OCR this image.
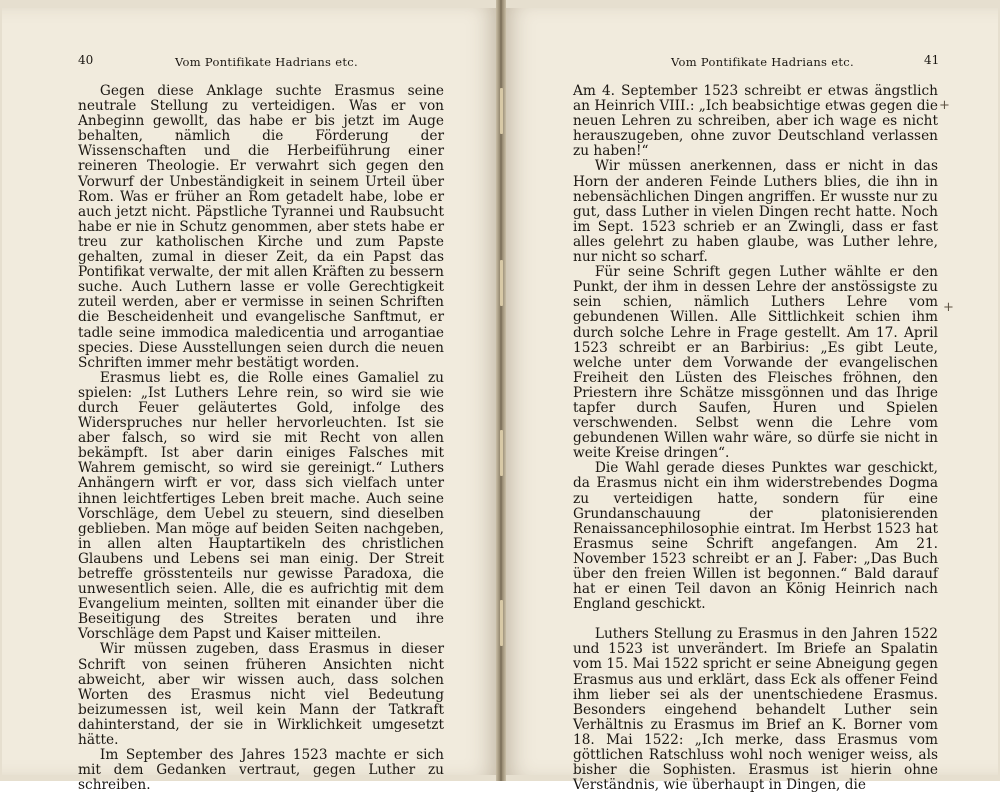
40	Vom Pontifikate Hadrians etc.

Gegen diese Anklage suchte Erasmus seine neutrale Stellung zu verteidigen. Was er von Anbeginn gewollt, das habe er bis jetzt im Auge behalten, nämlich die Förderung der Wissenschaften und die Herbeiführung einer reineren Theologie. Er verwahrt sich gegen den Vorwurf der Unbeständigkeit in seinem Urteil über Rom. Was er früher an Rom getadelt habe, lobe er auch jetzt nicht. Päpstliche Tyrannei und Raubsucht habe er nie in Schutz genommen, aber stets habe er treu zur katholischen Kirche und zum Papste gehalten, zumal in dieser Zeit, da ein Papst das Pontifikat verwalte, der mit allen Kräften zu bessern suche. Auch Luthern lasse er volle Gerechtigkeit zuteil werden, aber er vermisse in seinen Schriften die Bescheidenheit und evangelische Sanftmut, er tadle seine immodica maledicentia und arrogantiae species. Diese Ausstellungen seien durch die neuen Schriften immer mehr bestätigt worden.

Erasmus liebt es, die Rolle eines Gamaliel zu spielen: „Ist Luthers Lehre rein, so wird sie wie durch Feuer geläutertes Gold, infolge des Widerspruches nur heller hervorleuchten. Ist sie aber falsch, so wird sie mit Recht von allen bekämpft. Ist aber darin einiges Falsches mit Wahrem gemischt, so wird sie gereinigt.“ Luthers Anhängern wirft er vor, dass sich vielfach unter ihnen leichtfertiges Leben breit mache. Auch seine Vorschläge, dem Uebel zu steuern, sind dieselben geblieben. Man möge auf beiden Seiten nachgeben, in allen alten Hauptartikeln des christlichen Glaubens und Lebens sei man einig. Der Streit betreffe grösstenteils nur gewisse Paradoxa, die unwesentlich seien. Alle, die es aufrichtig mit dem Evangelium meinten, sollten mit einander über die Beseitigung des Streites beraten und ihre Vorschläge dem Papst und Kaiser mitteilen.

Wir müssen zugeben, dass Erasmus in dieser Schrift von seinen früheren Ansichten nicht abweicht, aber wir wissen auch, dass solchen Worten des Erasmus nicht viel Bedeutung beizumessen ist, weil kein Mann der Tatkraft dahinterstand, der sie in Wirklichkeit umgesetzt hätte.

Im September des Jahres 1523 machte er sich mit dem Gedanken vertraut, gegen Luther zu schreiben.

Vom Pontifikate Hadrians etc.	41

Am 4. September 1523 schreibt er etwas ängstlich an Heinrich VIII.: „Ich beabsichtige etwas gegen die neuen Lehren zu schreiben, aber ich wage es nicht herauszugeben, ohne zuvor Deutschland verlassen zu haben!“

Wir müssen anerkennen, dass er nicht in das Horn der anderen Feinde Luthers blies, die ihn in nebensächlichen Dingen angriffen. Er wusste nur zu gut, dass Luther in vielen Dingen recht hatte. Noch im Sept. 1523 schrieb er an Zwingli, dass er fast alles gelehrt zu haben glaube, was Luther lehre, nur nicht so scharf.

Für seine Schrift gegen Luther wählte er den Punkt, der ihm in dessen Lehre der anstössigste zu sein schien, nämlich Luthers Lehre vom gebundenen Willen. Alle Sittlichkeit schien ihm durch solche Lehre in Frage gestellt. Am 17. April 1523 schreibt er an Barbirius: „Es gibt Leute, welche unter dem Vorwande der evangelischen Freiheit den Lüsten des Fleisches fröhnen, den Priestern ihre Schätze missgönnen und das Ihrige tapfer durch Saufen, Huren und Spielen verschwenden. Selbst wenn die Lehre vom gebundenen Willen wahr wäre, so dürfe sie nicht in weite Kreise dringen“.

Die Wahl gerade dieses Punktes war geschickt, da Erasmus nicht ein ihm widerstrebendes Dogma zu verteidigen hatte, sondern für eine Grundanschauung der platonisierenden Renaissancephilosophie eintrat. Im Herbst 1523 hat Erasmus seine Schrift angefangen. Am 21. November 1523 schreibt er an J. Faber: „Das Buch über den freien Willen ist begonnen.“ Bald darauf hat er einen Teil davon an König Heinrich nach England geschickt.

Luthers Stellung zu Erasmus in den Jahren 1522 und 1523 ist unverändert. Im Briefe an Spalatin vom 15. Mai 1522 spricht er seine Abneigung gegen Erasmus aus und erklärt, dass Eck als offener Feind ihm lieber sei als der unentschiedene Erasmus. Besonders eingehend behandelt Luther sein Verhältnis zu Erasmus im Brief an K. Borner vom 18. Mai 1522: „Ich merke, dass Erasmus vom göttlichen Ratschluss wohl noch weniger weiss, als bisher die Sophisten. Erasmus ist hierin ohne Verständnis, wie überhaupt in Dingen, die

+
+
